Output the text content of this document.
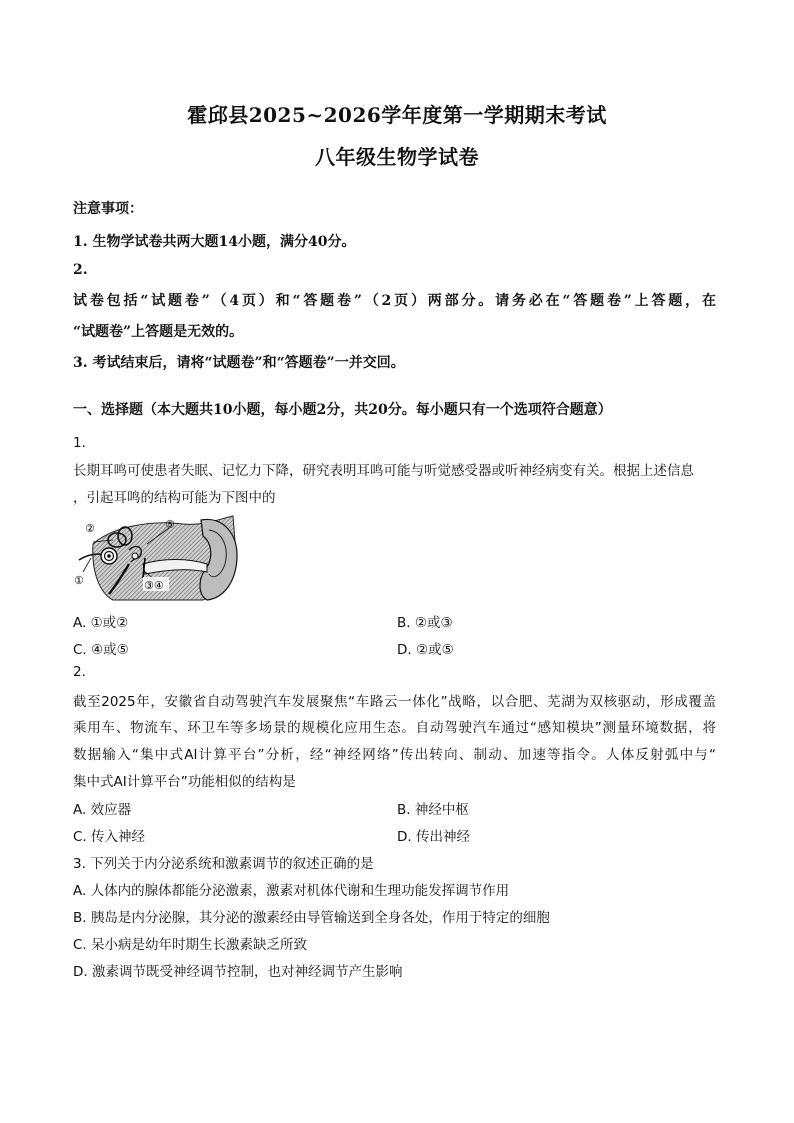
霍邱县2025~2026学年度第一学期期末考试
八年级生物学试卷
注意事项：
1. 生物学试卷共两大题14小题，满分40分。
2.
试卷包括“试题卷”（4页）和“答题卷”（2页）两部分。请务必在“答题卷”上答题，在
“试题卷”上答题是无效的。
3. 考试结束后，请将“试题卷”和“答题卷”一并交回。
一、选择题（本大题共10小题，每小题2分，共20分。每小题只有一个选项符合题意）
1.
长期耳鸣可使患者失眠、记忆力下降，研究表明耳鸣可能与听觉感受器或听神经病变有关。根据上述信息
，引起耳鸣的结构可能为下图中的
②
①	③④
⑤
A. ①或②	B. ②或③
C. ④或⑤	D. ②或⑤
2.
截至2025年，安徽省自动驾驶汽车发展聚焦“车路云一体化”战略，以合肥、芜湖为双核驱动，形成覆盖
乘用车、物流车、环卫车等多场景的规模化应用生态。自动驾驶汽车通过“感知模块”测量环境数据，将
数据输入“集中式AI计算平台”分析，经“神经网络”传出转向、制动、加速等指令。人体反射弧中与“
集中式AI计算平台”功能相似的结构是
A. 效应器	B. 神经中枢
C. 传入神经	D. 传出神经
3. 下列关于内分泌系统和激素调节的叙述正确的是
A. 人体内的腺体都能分泌激素，激素对机体代谢和生理功能发挥调节作用
B. 胰岛是内分泌腺，其分泌的激素经由导管输送到全身各处，作用于特定的细胞
C. 呆小病是幼年时期生长激素缺乏所致
D. 激素调节既受神经调节控制，也对神经调节产生影响
